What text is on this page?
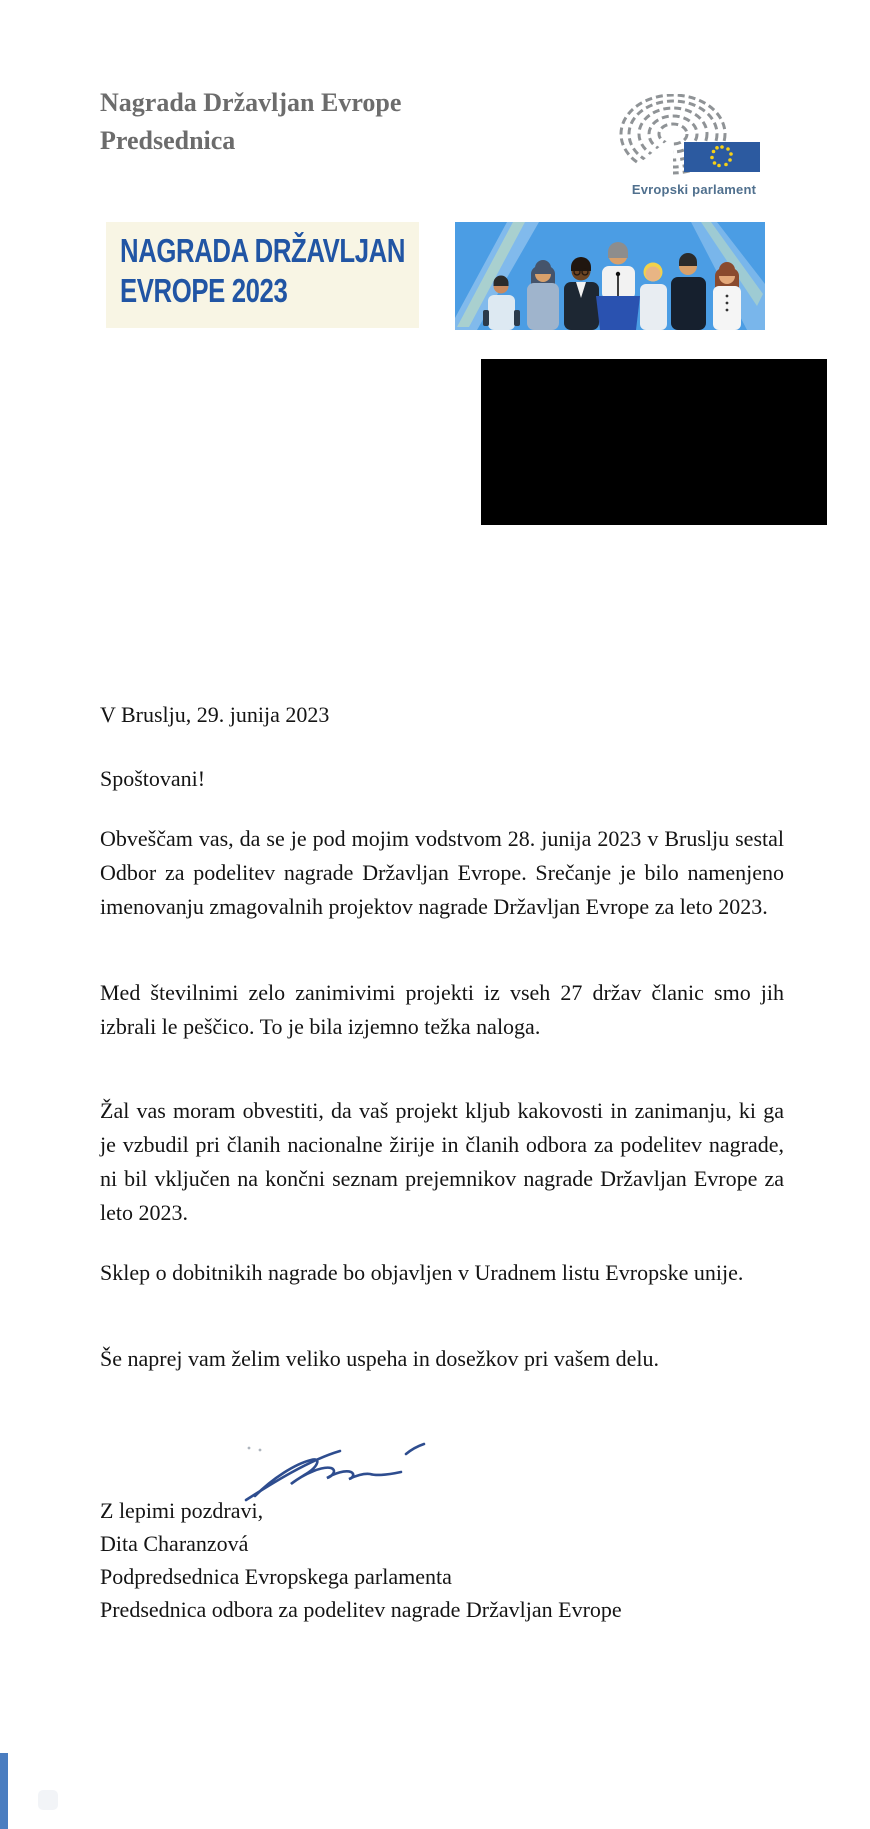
Nagrada Državljan Evrope
Predsednica
Evropski parlament
NAGRADA DRŽAVLJAN
EVROPE 2023
V Bruslju, 29. junija 2023
Spoštovani!

Obveščam vas, da se je pod mojim vodstvom 28. junija 2023 v Bruslju sestal Odbor za podelitev nagrade Državljan Evrope. Srečanje je bilo namenjeno imenovanju zmagovalnih projektov nagrade Državljan Evrope za leto 2023.

Med številnimi zelo zanimivimi projekti iz vseh 27 držav članic smo jih izbrali le peščico. To je bila izjemno težka naloga.

Žal vas moram obvestiti, da vaš projekt kljub kakovosti in zanimanju, ki ga je vzbudil pri članih nacionalne žirije in članih odbora za podelitev nagrade, ni bil vključen na končni seznam prejemnikov nagrade Državljan Evrope za leto 2023.

Sklep o dobitnikih nagrade bo objavljen v Uradnem listu Evropske unije.

Še naprej vam želim veliko uspeha in dosežkov pri vašem delu.

Z lepimi pozdravi,
Dita Charanzová
Podpredsednica Evropskega parlamenta
Predsednica odbora za podelitev nagrade Državljan Evrope
